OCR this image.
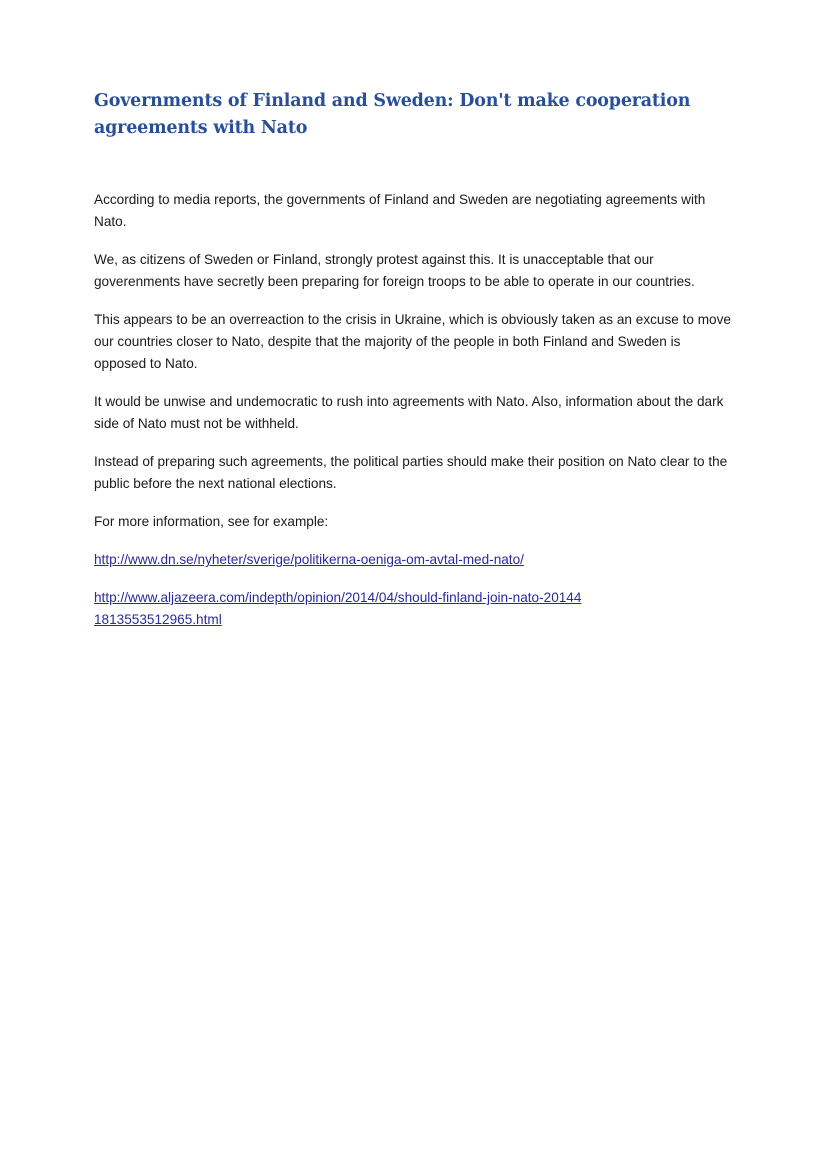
Governments of Finland and Sweden: Don't make cooperation agreements with Nato

According to media reports, the governments of Finland and Sweden are negotiating agreements with Nato.

We, as citizens of Sweden or Finland, strongly protest against this. It is unacceptable that our goverenments have secretly been preparing for foreign troops to be able to operate in our countries.

This appears to be an overreaction to the crisis in Ukraine, which is obviously taken as an excuse to move our countries closer to Nato, despite that the majority of the people in both Finland and Sweden is opposed to Nato.

It would be unwise and undemocratic to rush into agreements with Nato. Also, information about the dark side of Nato must not be withheld.

Instead of preparing such agreements, the political parties should make their position on Nato clear to the public before the next national elections.

For more information, see for example:

http://www.dn.se/nyheter/sverige/politikerna-oeniga-om-avtal-med-nato/
http://www.aljazeera.com/indepth/opinion/2014/04/should-finland-join-nato-201441813553512965.html
